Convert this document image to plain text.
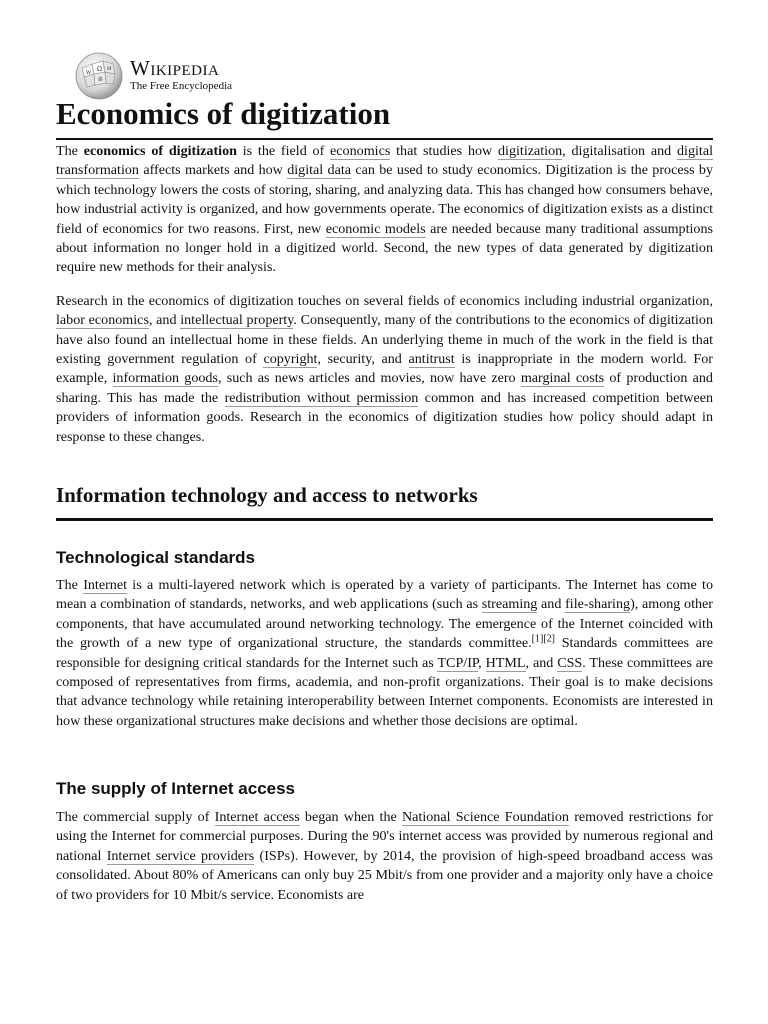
Ω
W
И
維 Wikipedia
The Free Encyclopedia
Economics of digitization

The economics of digitization is the field of economics that studies how digitization, digitalisation and digital transformation affects markets and how digital data can be used to study economics. Digitization is the process by which technology lowers the costs of storing, sharing, and analyzing data. This has changed how consumers behave, how industrial activity is organized, and how governments operate. The economics of digitization exists as a distinct field of economics for two reasons. First, new economic models are needed because many traditional assumptions about information no longer hold in a digitized world. Second, the new types of data generated by digitization require new methods for their analysis.

Research in the economics of digitization touches on several fields of economics including industrial organization, labor economics, and intellectual property. Consequently, many of the contributions to the economics of digitization have also found an intellectual home in these fields. An underlying theme in much of the work in the field is that existing government regulation of copyright, security, and antitrust is inappropriate in the modern world. For example, information goods, such as news articles and movies, now have zero marginal costs of production and sharing. This has made the redistribution without permission common and has increased competition between providers of information goods. Research in the economics of digitization studies how policy should adapt in response to these changes.

Information technology and access to networks
Technological standards

The Internet is a multi-layered network which is operated by a variety of participants. The Internet has come to mean a combination of standards, networks, and web applications (such as streaming and file-sharing), among other components, that have accumulated around networking technology. The emergence of the Internet coincided with the growth of a new type of organizational structure, the standards committee.[1][2] Standards committees are responsible for designing critical standards for the Internet such as TCP/IP, HTML, and CSS. These committees are composed of representatives from firms, academia, and non-profit organizations. Their goal is to make decisions that advance technology while retaining interoperability between Internet components. Economists are interested in how these organizational structures make decisions and whether those decisions are optimal.

The supply of Internet access

The commercial supply of Internet access began when the National Science Foundation removed restrictions for using the Internet for commercial purposes. During the 90's internet access was provided by numerous regional and national Internet service providers (ISPs). However, by 2014, the provision of high-speed broadband access was consolidated. About 80% of Americans can only buy 25 Mbit/s from one provider and a majority only have a choice of two providers for 10 Mbit/s service. Economists are
